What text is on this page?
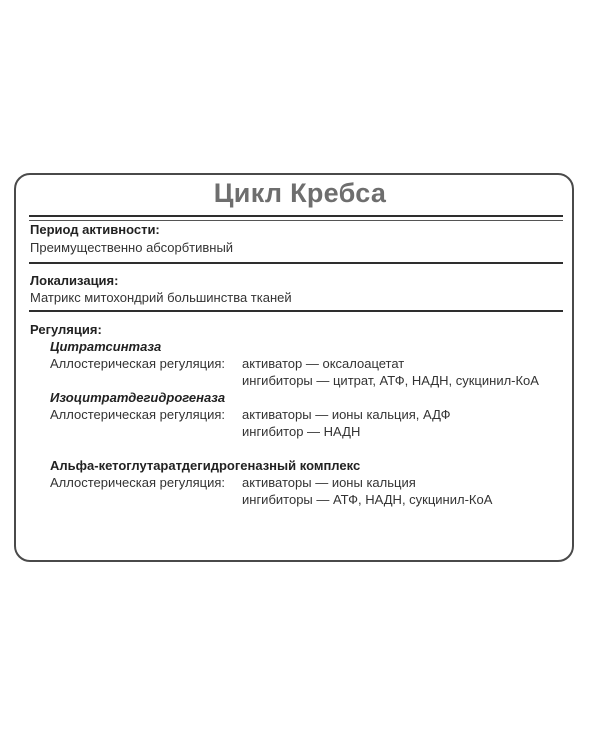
Цикл Кребса
Период активности:
Преимущественно абсорбтивный
Локализация:
Матрикс митохондрий большинства тканей
Регуляция:
Цитратсинтаза
Аллостерическая регуляция: активатор — оксалоацетат
ингибиторы — цитрат, АТФ, НАДН, сукцинил-КоА
Изоцитратдегидрогеназа
Аллостерическая регуляция: активаторы — ионы кальция, АДФ
ингибитор — НАДН
Альфа-кетоглутаратдегидрогеназный комплекс
Аллостерическая регуляция: активаторы — ионы кальция
ингибиторы — АТФ, НАДН, сукцинил-КоА
